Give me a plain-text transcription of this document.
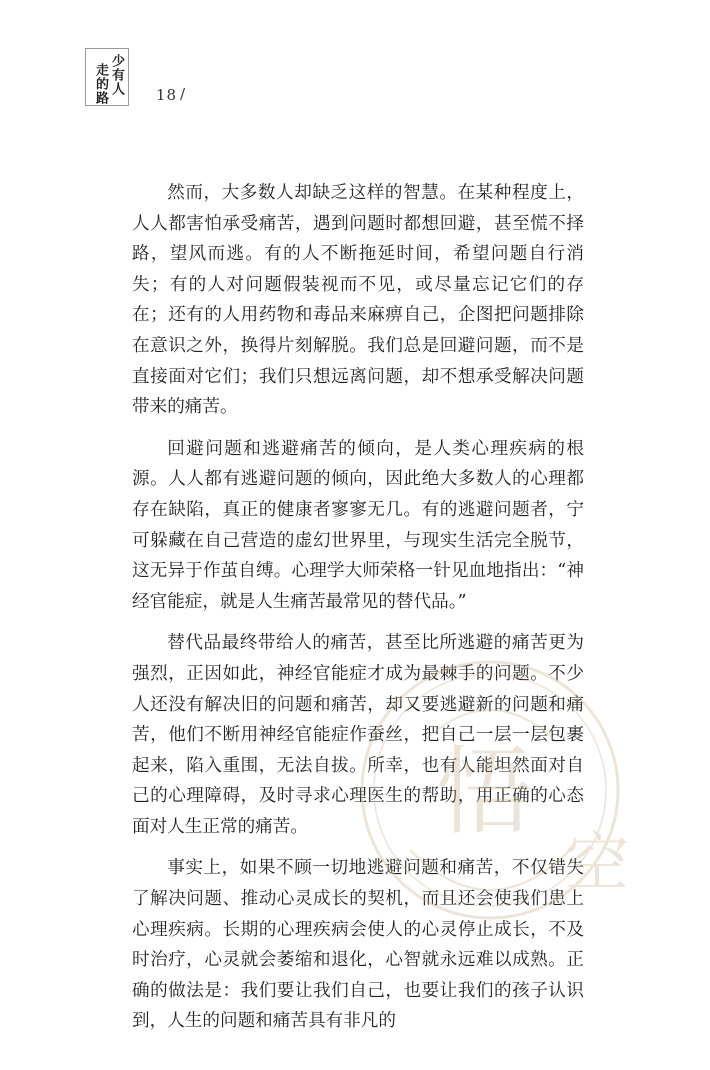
少有人
走的路	18 /

然而，大多数人却缺乏这样的智慧。在某种程度上，人人都害怕承受痛苦，遇到问题时都想回避，甚至慌不择路，望风而逃。有的人不断拖延时间，希望问题自行消失；有的人对问题假装视而不见，或尽量忘记它们的存在；还有的人用药物和毒品来麻痹自己，企图把问题排除在意识之外，换得片刻解脱。我们总是回避问题，而不是直接面对它们；我们只想远离问题，却不想承受解决问题带来的痛苦。

回避问题和逃避痛苦的倾向，是人类心理疾病的根源。人人都有逃避问题的倾向，因此绝大多数人的心理都存在缺陷，真正的健康者寥寥无几。有的逃避问题者，宁可躲藏在自己营造的虚幻世界里，与现实生活完全脱节，这无异于作茧自缚。心理学大师荣格一针见血地指出：“神经官能症，就是人生痛苦最常见的替代品。”

替代品最终带给人的痛苦，甚至比所逃避的痛苦更为强烈，正因如此，神经官能症才成为最棘手的问题。不少人还没有解决旧的问题和痛苦，却又要逃避新的问题和痛苦，他们不断用神经官能症作蚕丝，把自己一层一层包裹起来，陷入重围，无法自拔。所幸，也有人能坦然面对自己的心理障碍，及时寻求心理医生的帮助，用正确的心态面对人生正常的痛苦。

事实上，如果不顾一切地逃避问题和痛苦，不仅错失了解决问题、推动心灵成长的契机，而且还会使我们患上心理疾病。长期的心理疾病会使人的心灵停止成长，不及时治疗，心灵就会萎缩和退化，心智就永远难以成熟。正确的做法是：我们要让我们自己，也要让我们的孩子认识到，人生的问题和痛苦具有非凡的

悟
空
